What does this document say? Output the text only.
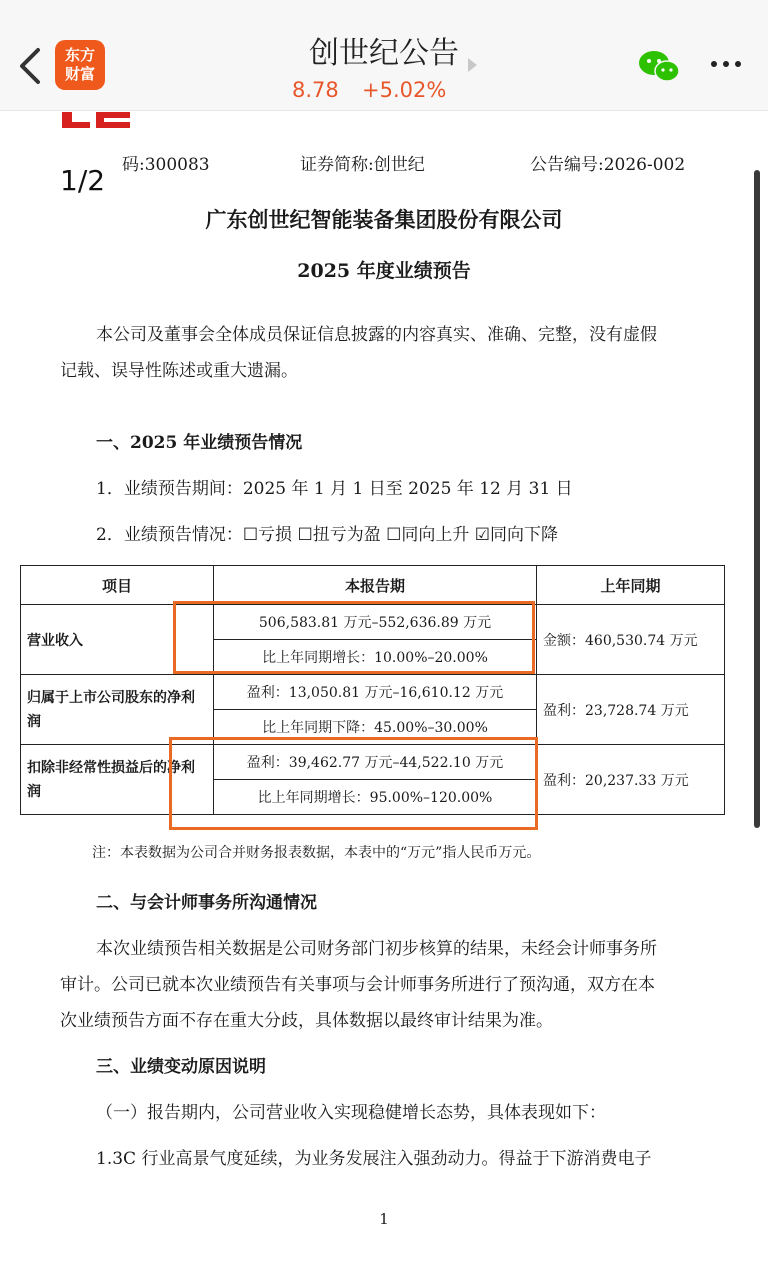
东方
财富
创世纪公告
8.78 +5.02%
1/2 码:300083	证券简称:创世纪	公告编号:2026-002
广东创世纪智能装备集团股份有限公司
2025 年度业绩预告
本公司及董事会全体成员保证信息披露的内容真实、准确、完整，没有虚假
记载、误导性陈述或重大遗漏。
一、2025 年业绩预告情况
1．业绩预告期间：2025 年 1 月 1 日至 2025 年 12 月 31 日
2．业绩预告情况：☐亏损 ☐扭亏为盈 ☐同向上升 ☑同向下降
项目	本报告期	上年同期
营业收入	506,583.81 万元–552,636.89 万元	金额：460,530.74 万元
	比上年同期增长：10.00%–20.00%	
归属于上市公司股东的净利润	盈利：13,050.81 万元–16,610.12 万元	盈利：23,728.74 万元
	比上年同期下降：45.00%–30.00%	
扣除非经常性损益后的净利润	盈利：39,462.77 万元–44,522.10 万元	盈利：20,237.33 万元
	比上年同期增长：95.00%–120.00%	
注：本表数据为公司合并财务报表数据，本表中的“万元”指人民币万元。
二、与会计师事务所沟通情况
本次业绩预告相关数据是公司财务部门初步核算的结果，未经会计师事务所
审计。公司已就本次业绩预告有关事项与会计师事务所进行了预沟通，双方在本
次业绩预告方面不存在重大分歧，具体数据以最终审计结果为准。
三、业绩变动原因说明
（一）报告期内，公司营业收入实现稳健增长态势，具体表现如下：
1.3C 行业高景气度延续，为业务发展注入强劲动力。得益于下游消费电子
1
